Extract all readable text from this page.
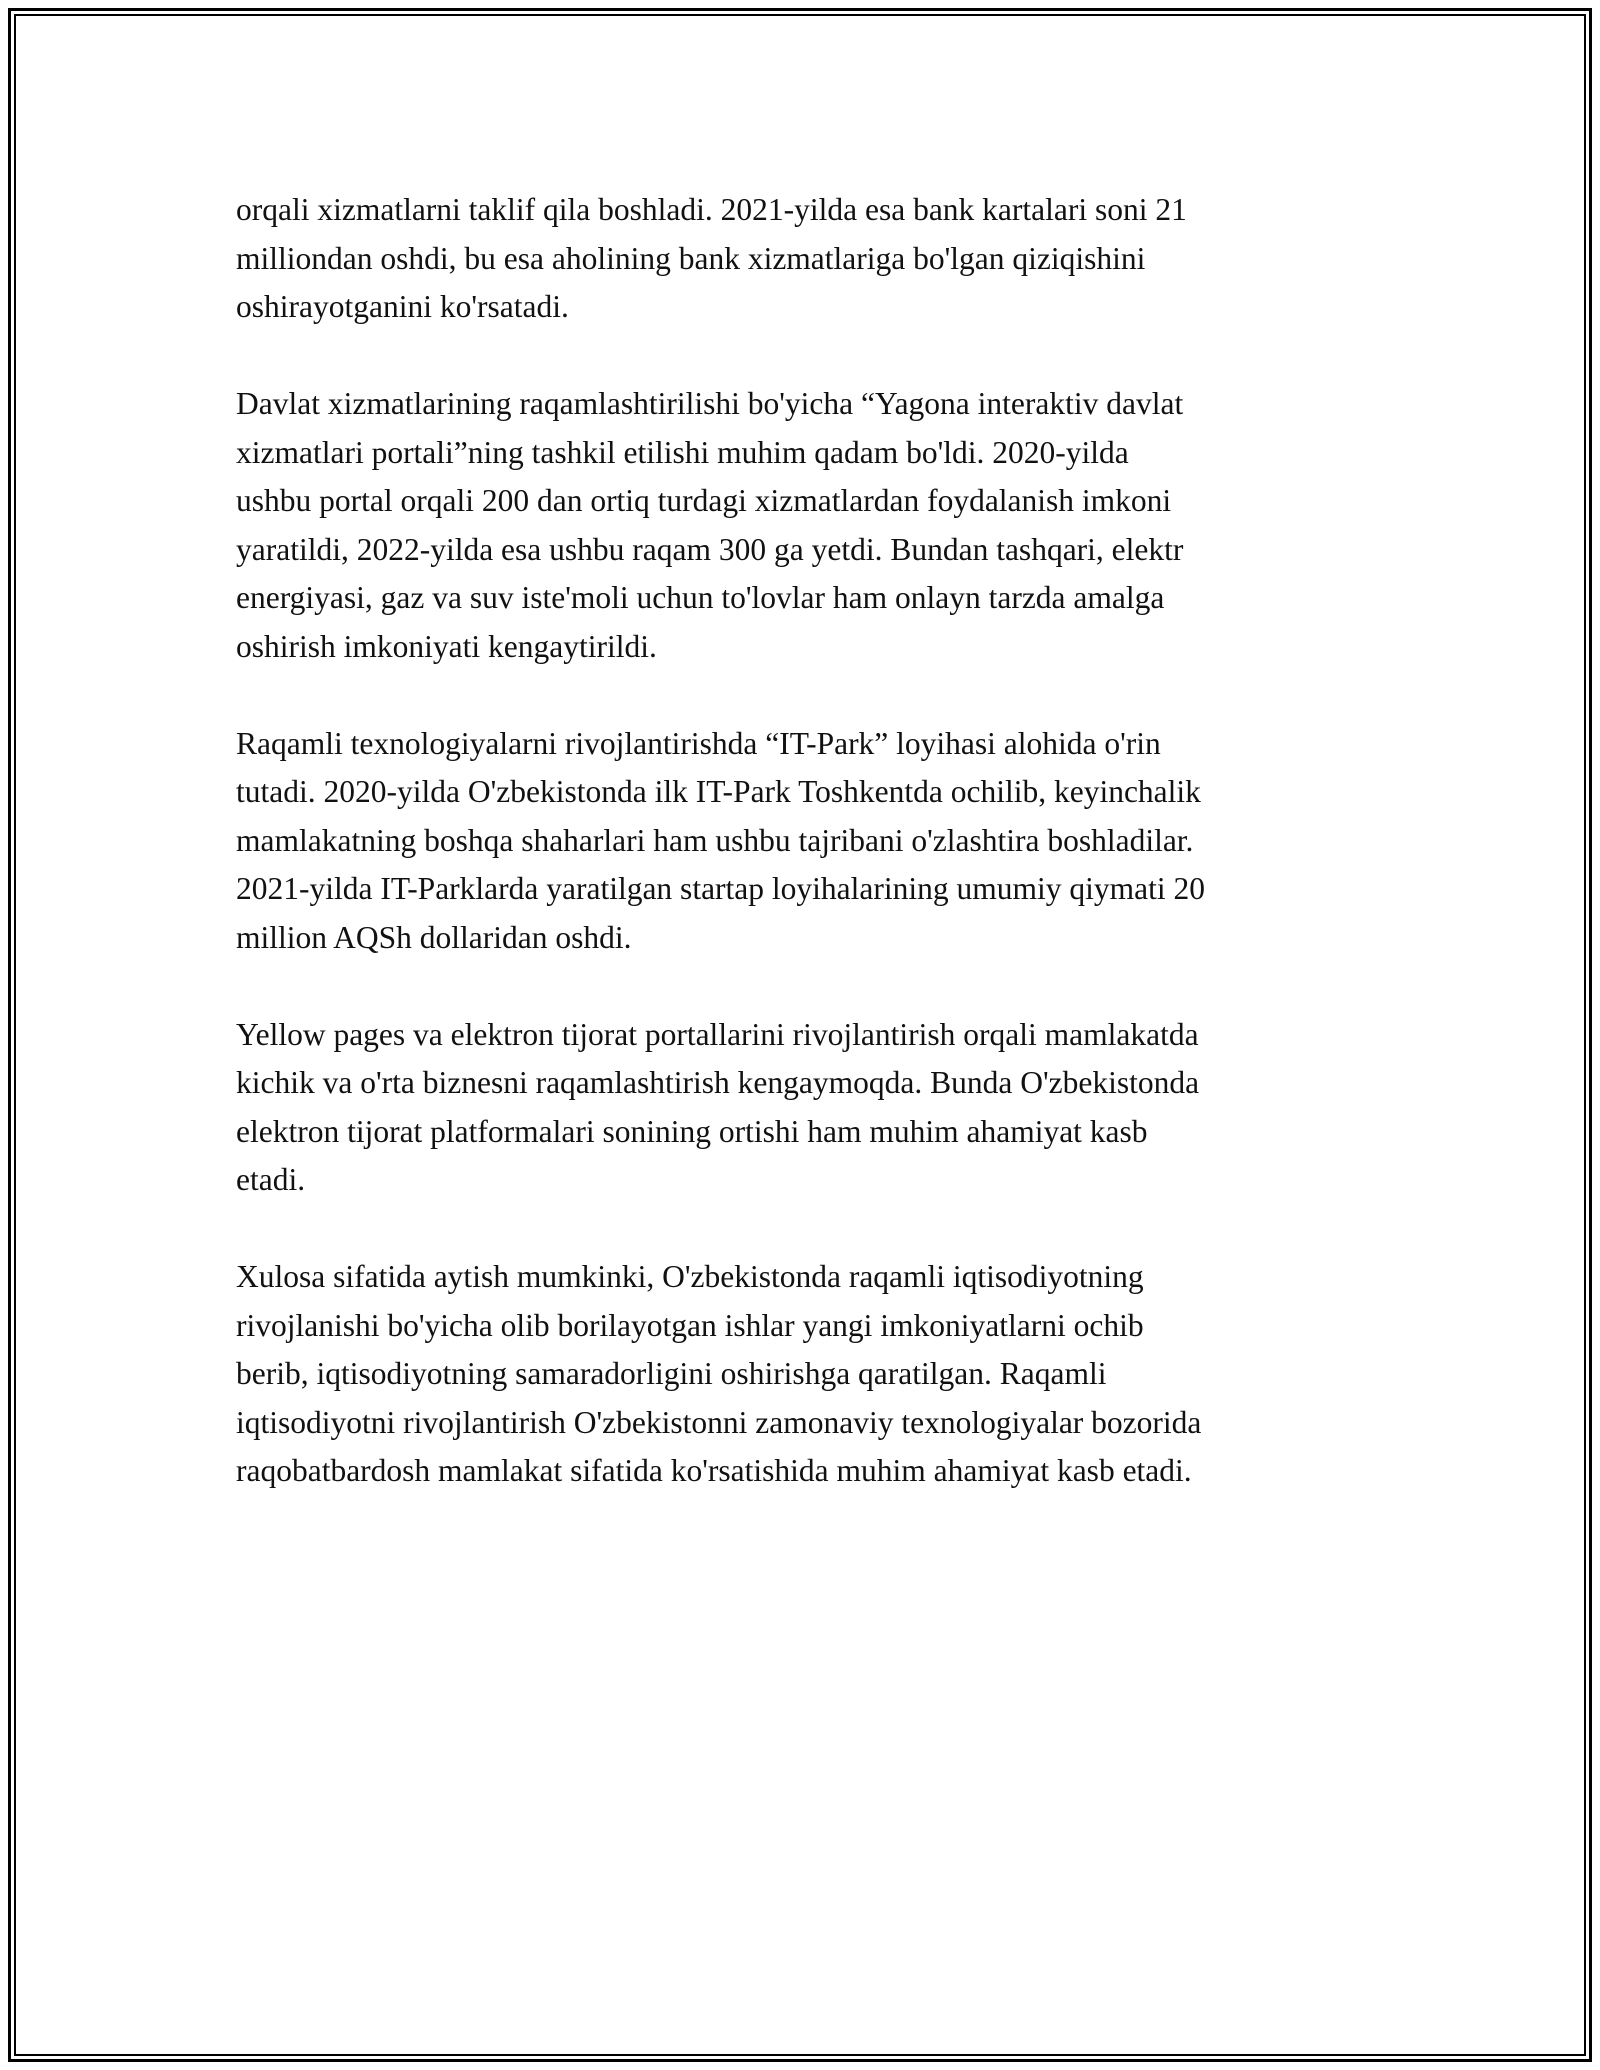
orqali xizmatlarni taklif qila boshladi. 2021-yilda esa bank kartalari soni 21
milliondan oshdi, bu esa aholining bank xizmatlariga bo'lgan qiziqishini
oshirayotganini ko'rsatadi.

Davlat xizmatlarining raqamlashtirilishi bo'yicha “Yagona interaktiv davlat
xizmatlari portali”ning tashkil etilishi muhim qadam bo'ldi. 2020-yilda
ushbu portal orqali 200 dan ortiq turdagi xizmatlardan foydalanish imkoni
yaratildi, 2022-yilda esa ushbu raqam 300 ga yetdi. Bundan tashqari, elektr
energiyasi, gaz va suv iste'moli uchun to'lovlar ham onlayn tarzda amalga
oshirish imkoniyati kengaytirildi.

Raqamli texnologiyalarni rivojlantirishda “IT-Park” loyihasi alohida o'rin
tutadi. 2020-yilda O'zbekistonda ilk IT-Park Toshkentda ochilib, keyinchalik
mamlakatning boshqa shaharlari ham ushbu tajribani o'zlashtira boshladilar.
2021-yilda IT-Parklarda yaratilgan startap loyihalarining umumiy qiymati 20
million AQSh dollaridan oshdi.

Yellow pages va elektron tijorat portallarini rivojlantirish orqali mamlakatda
kichik va o'rta biznesni raqamlashtirish kengaymoqda. Bunda O'zbekistonda
elektron tijorat platformalari sonining ortishi ham muhim ahamiyat kasb
etadi.

Xulosa sifatida aytish mumkinki, O'zbekistonda raqamli iqtisodiyotning
rivojlanishi bo'yicha olib borilayotgan ishlar yangi imkoniyatlarni ochib
berib, iqtisodiyotning samaradorligini oshirishga qaratilgan. Raqamli
iqtisodiyotni rivojlantirish O'zbekistonni zamonaviy texnologiyalar bozorida
raqobatbardosh mamlakat sifatida ko'rsatishida muhim ahamiyat kasb etadi.
